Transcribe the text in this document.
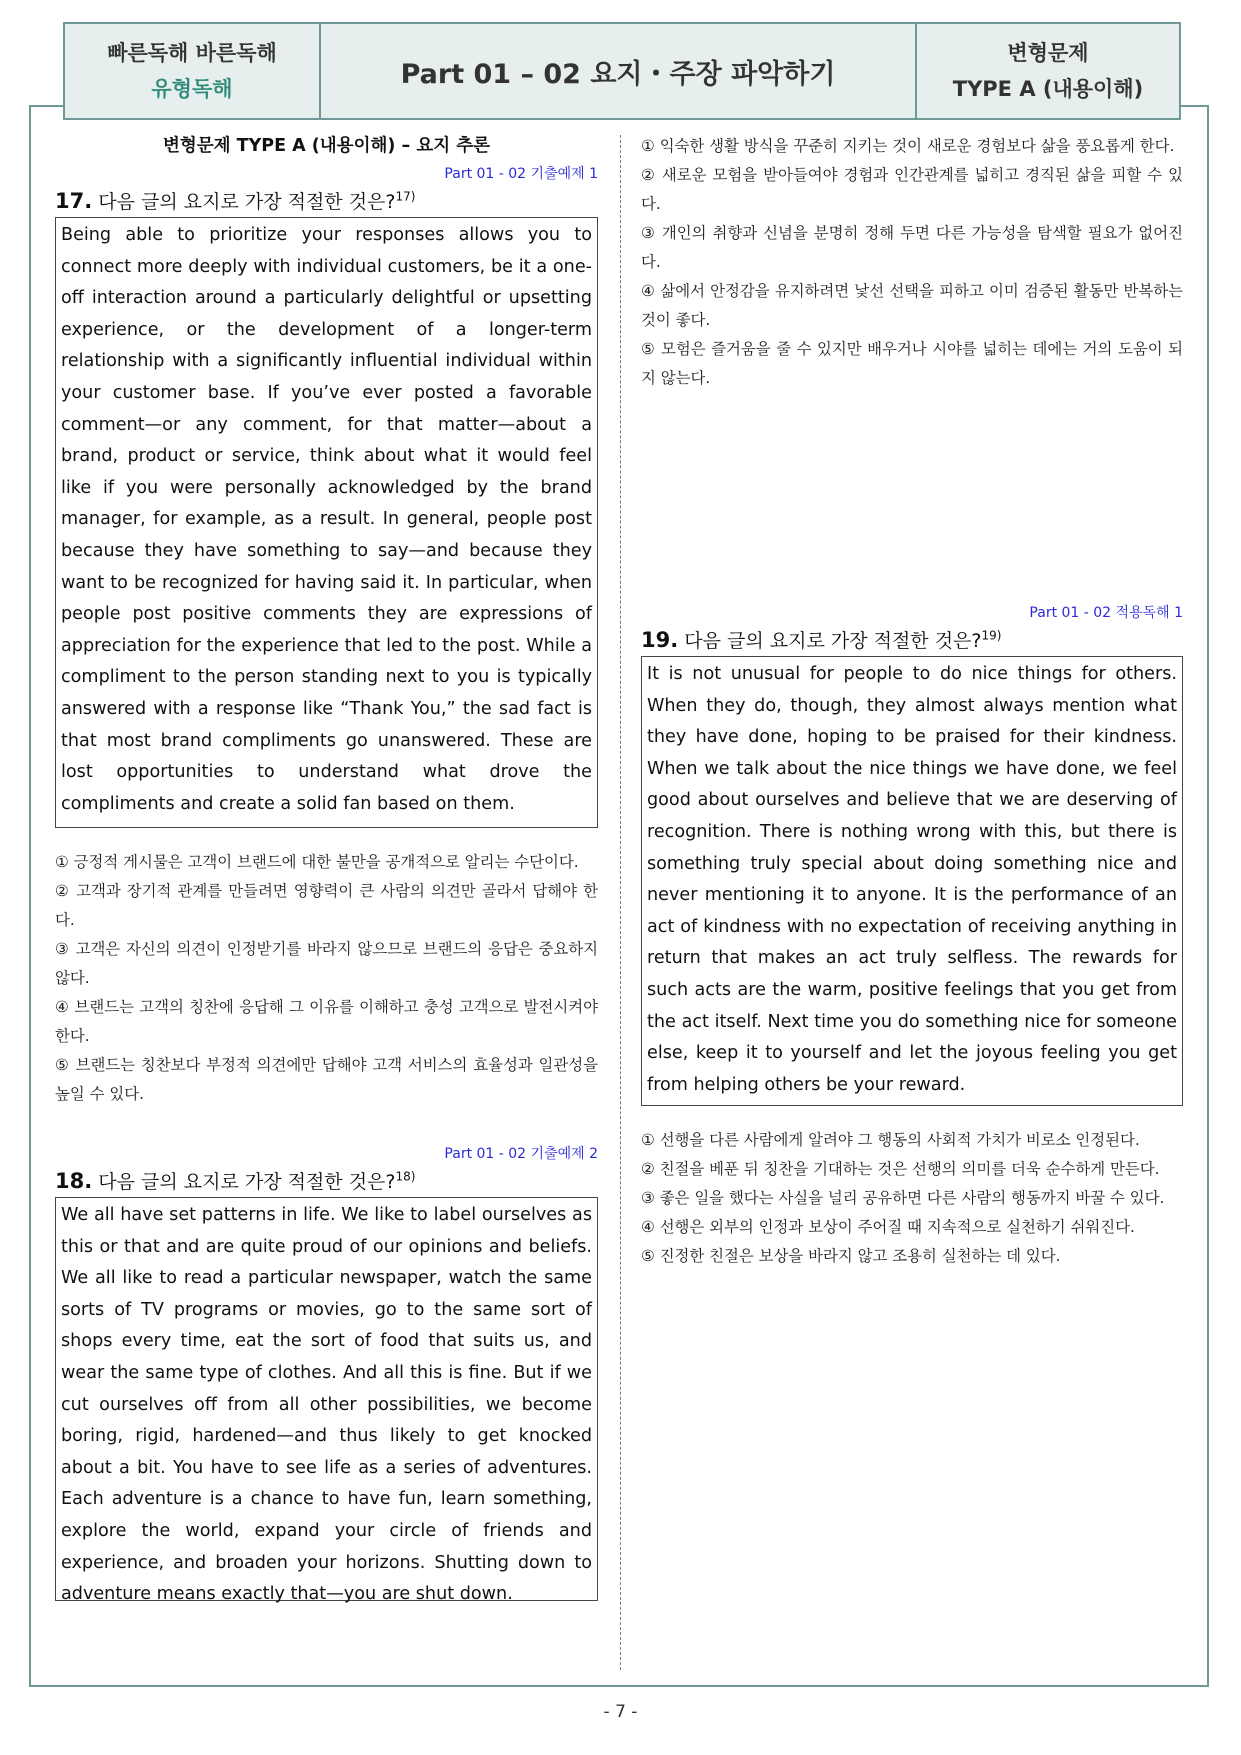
빠른독해 바른독해
유형독해	Part 01 – 02 요지・주장 파악하기
변형문제
TYPE A (내용이해)
변형문제 TYPE A (내용이해) – 요지 추론
Part 01 - 02 기출예제 1
17. 다음 글의 요지로 가장 적절한 것은?$^{17)}$
Being able to prioritize your responses allows you to connect more deeply with individual customers, be it a one-off interaction around a particularly delightful or upsetting experience, or the development of a longer-term relationship with a significantly influential individual within your customer base. If you’ve ever posted a favorable comment—or any comment, for that matter—about a brand, product or service, think about what it would feel like if you were personally acknowledged by the brand manager, for example, as a result. In general, people post because they have something to say—and because they want to be recognized for having said it. In particular, when people post positive comments they are expressions of appreciation for the experience that led to the post. While a compliment to the person standing next to you is typically answered with a response like “Thank You,” the sad fact is that most brand compliments go unanswered. These are lost opportunities to understand what drove the compliments and create a solid fan based on them.
① 긍정적 게시물은 고객이 브랜드에 대한 불만을 공개적으로 알리는 수단이다.
② 고객과 장기적 관계를 만들려면 영향력이 큰 사람의 의견만 골라서 답해야 한다.
③ 고객은 자신의 의견이 인정받기를 바라지 않으므로 브랜드의 응답은 중요하지 않다.
④ 브랜드는 고객의 칭찬에 응답해 그 이유를 이해하고 충성 고객으로 발전시켜야 한다.
⑤ 브랜드는 칭찬보다 부정적 의견에만 답해야 고객 서비스의 효율성과 일관성을 높일 수 있다.
Part 01 - 02 기출예제 2
18. 다음 글의 요지로 가장 적절한 것은?$^{18)}$
We all have set patterns in life. We like to label ourselves as this or that and are quite proud of our opinions and beliefs. We all like to read a particular newspaper, watch the same sorts of TV programs or movies, go to the same sort of shops every time, eat the sort of food that suits us, and wear the same type of clothes. And all this is fine. But if we cut ourselves off from all other possibilities, we become boring, rigid, hardened—and thus likely to get knocked about a bit. You have to see life as a series of adventures. Each adventure is a chance to have fun, learn something, explore the world, expand your circle of friends and experience, and broaden your horizons. Shutting down to adventure means exactly that—you are shut down.
① 익숙한 생활 방식을 꾸준히 지키는 것이 새로운 경험보다 삶을 풍요롭게 한다.
② 새로운 모험을 받아들여야 경험과 인간관계를 넓히고 경직된 삶을 피할 수 있다.
③ 개인의 취향과 신념을 분명히 정해 두면 다른 가능성을 탐색할 필요가 없어진다.
④ 삶에서 안정감을 유지하려면 낯선 선택을 피하고 이미 검증된 활동만 반복하는 것이 좋다.
⑤ 모험은 즐거움을 줄 수 있지만 배우거나 시야를 넓히는 데에는 거의 도움이 되지 않는다.
Part 01 - 02 적용독해 1
19. 다음 글의 요지로 가장 적절한 것은?$^{19)}$
It is not unusual for people to do nice things for others. When they do, though, they almost always mention what they have done, hoping to be praised for their kindness. When we talk about the nice things we have done, we feel good about ourselves and believe that we are deserving of recognition. There is nothing wrong with this, but there is something truly special about doing something nice and never mentioning it to anyone. It is the performance of an act of kindness with no expectation of receiving anything in return that makes an act truly selfless. The rewards for such acts are the warm, positive feelings that you get from the act itself. Next time you do something nice for someone else, keep it to yourself and let the joyous feeling you get from helping others be your reward.
① 선행을 다른 사람에게 알려야 그 행동의 사회적 가치가 비로소 인정된다.
② 친절을 베푼 뒤 칭찬을 기대하는 것은 선행의 의미를 더욱 순수하게 만든다.
③ 좋은 일을 했다는 사실을 널리 공유하면 다른 사람의 행동까지 바꿀 수 있다.
④ 선행은 외부의 인정과 보상이 주어질 때 지속적으로 실천하기 쉬워진다.
⑤ 진정한 친절은 보상을 바라지 않고 조용히 실천하는 데 있다.
- 7 -
